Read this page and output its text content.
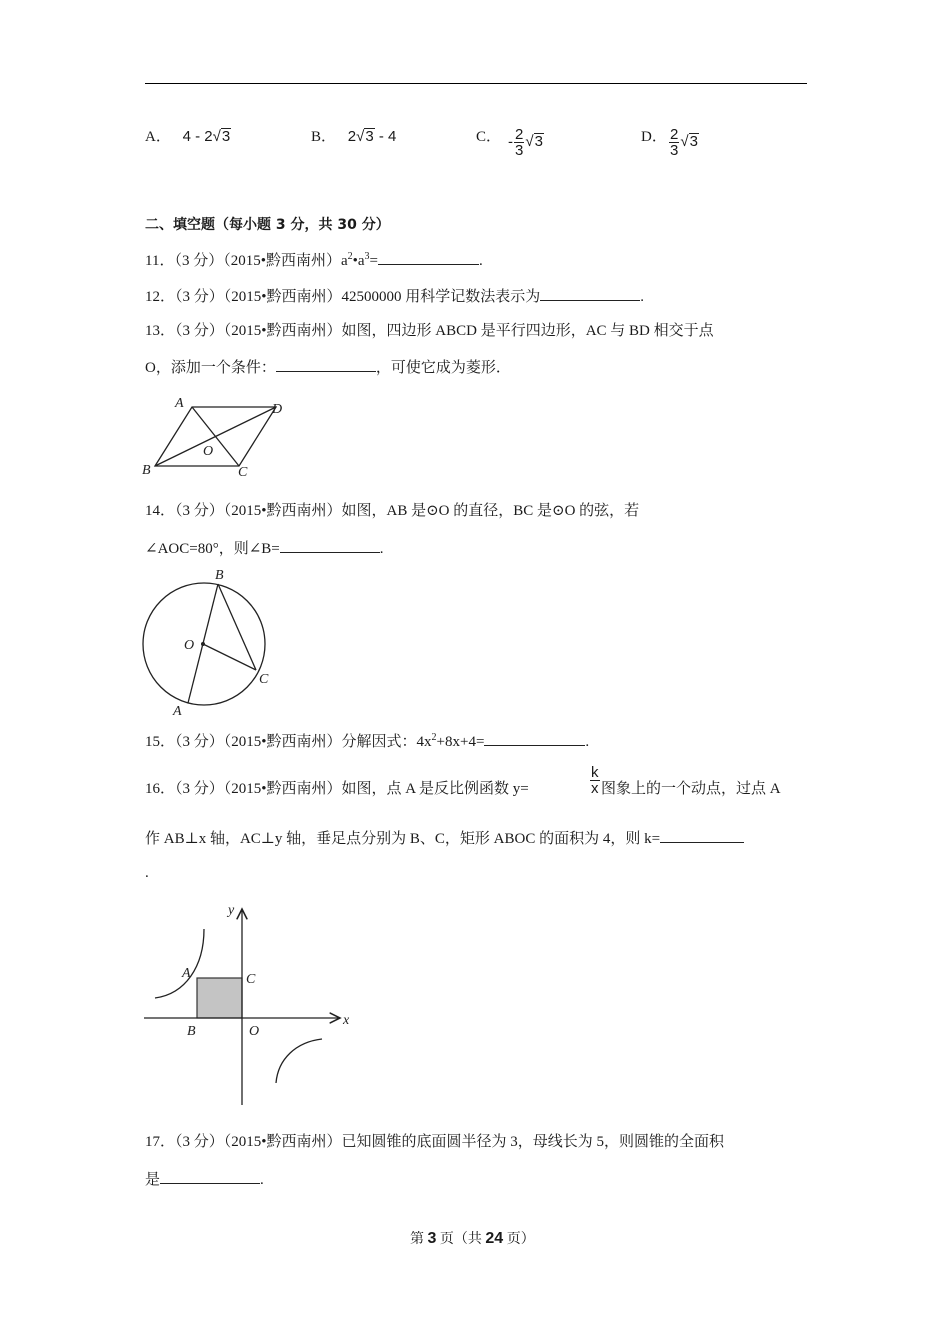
A． 4 - 2√3	B． 2√3 - 4	C． - $\frac{2}{3} √3$	D． $\frac{2}{3} √3$
二、填空题（每小题 3 分，共 30 分）
11．（3 分）（2015•黔西南州）$a^2•a^3=$	.
12．（3 分）（2015•黔西南州）42500000 用科学记数法表示为	.
13．（3 分）（2015•黔西南州）如图，四边形 ABCD 是平行四边形，AC 与 BD 相交于点
O，添加一个条件：	，可使它成为菱形．
A	D
B	C
O
14．（3 分）（2015•黔西南州）如图，AB 是⊙O 的直径，BC 是⊙O 的弦，若
∠AOC=80°，则∠B=	.
B
O
C
A
15．（3 分）（2015•黔西南州）分解因式：$4x^2+8x+4=$	.
16．（3 分）（2015•黔西南州）如图，点 A 是反比例函数 y=	$\frac{k}{x}$ 图象上的一个动点，过点 A
作 AB⊥x 轴，AC⊥y 轴，垂足点分别为 B、C，矩形 ABOC 的面积为 4，则 k=
.
A	C
B	O
x
y
17．（3 分）（2015•黔西南州）已知圆锥的底面圆半径为 3，母线长为 5，则圆锥的全面积
是	.
第 3 页（共 24 页）
